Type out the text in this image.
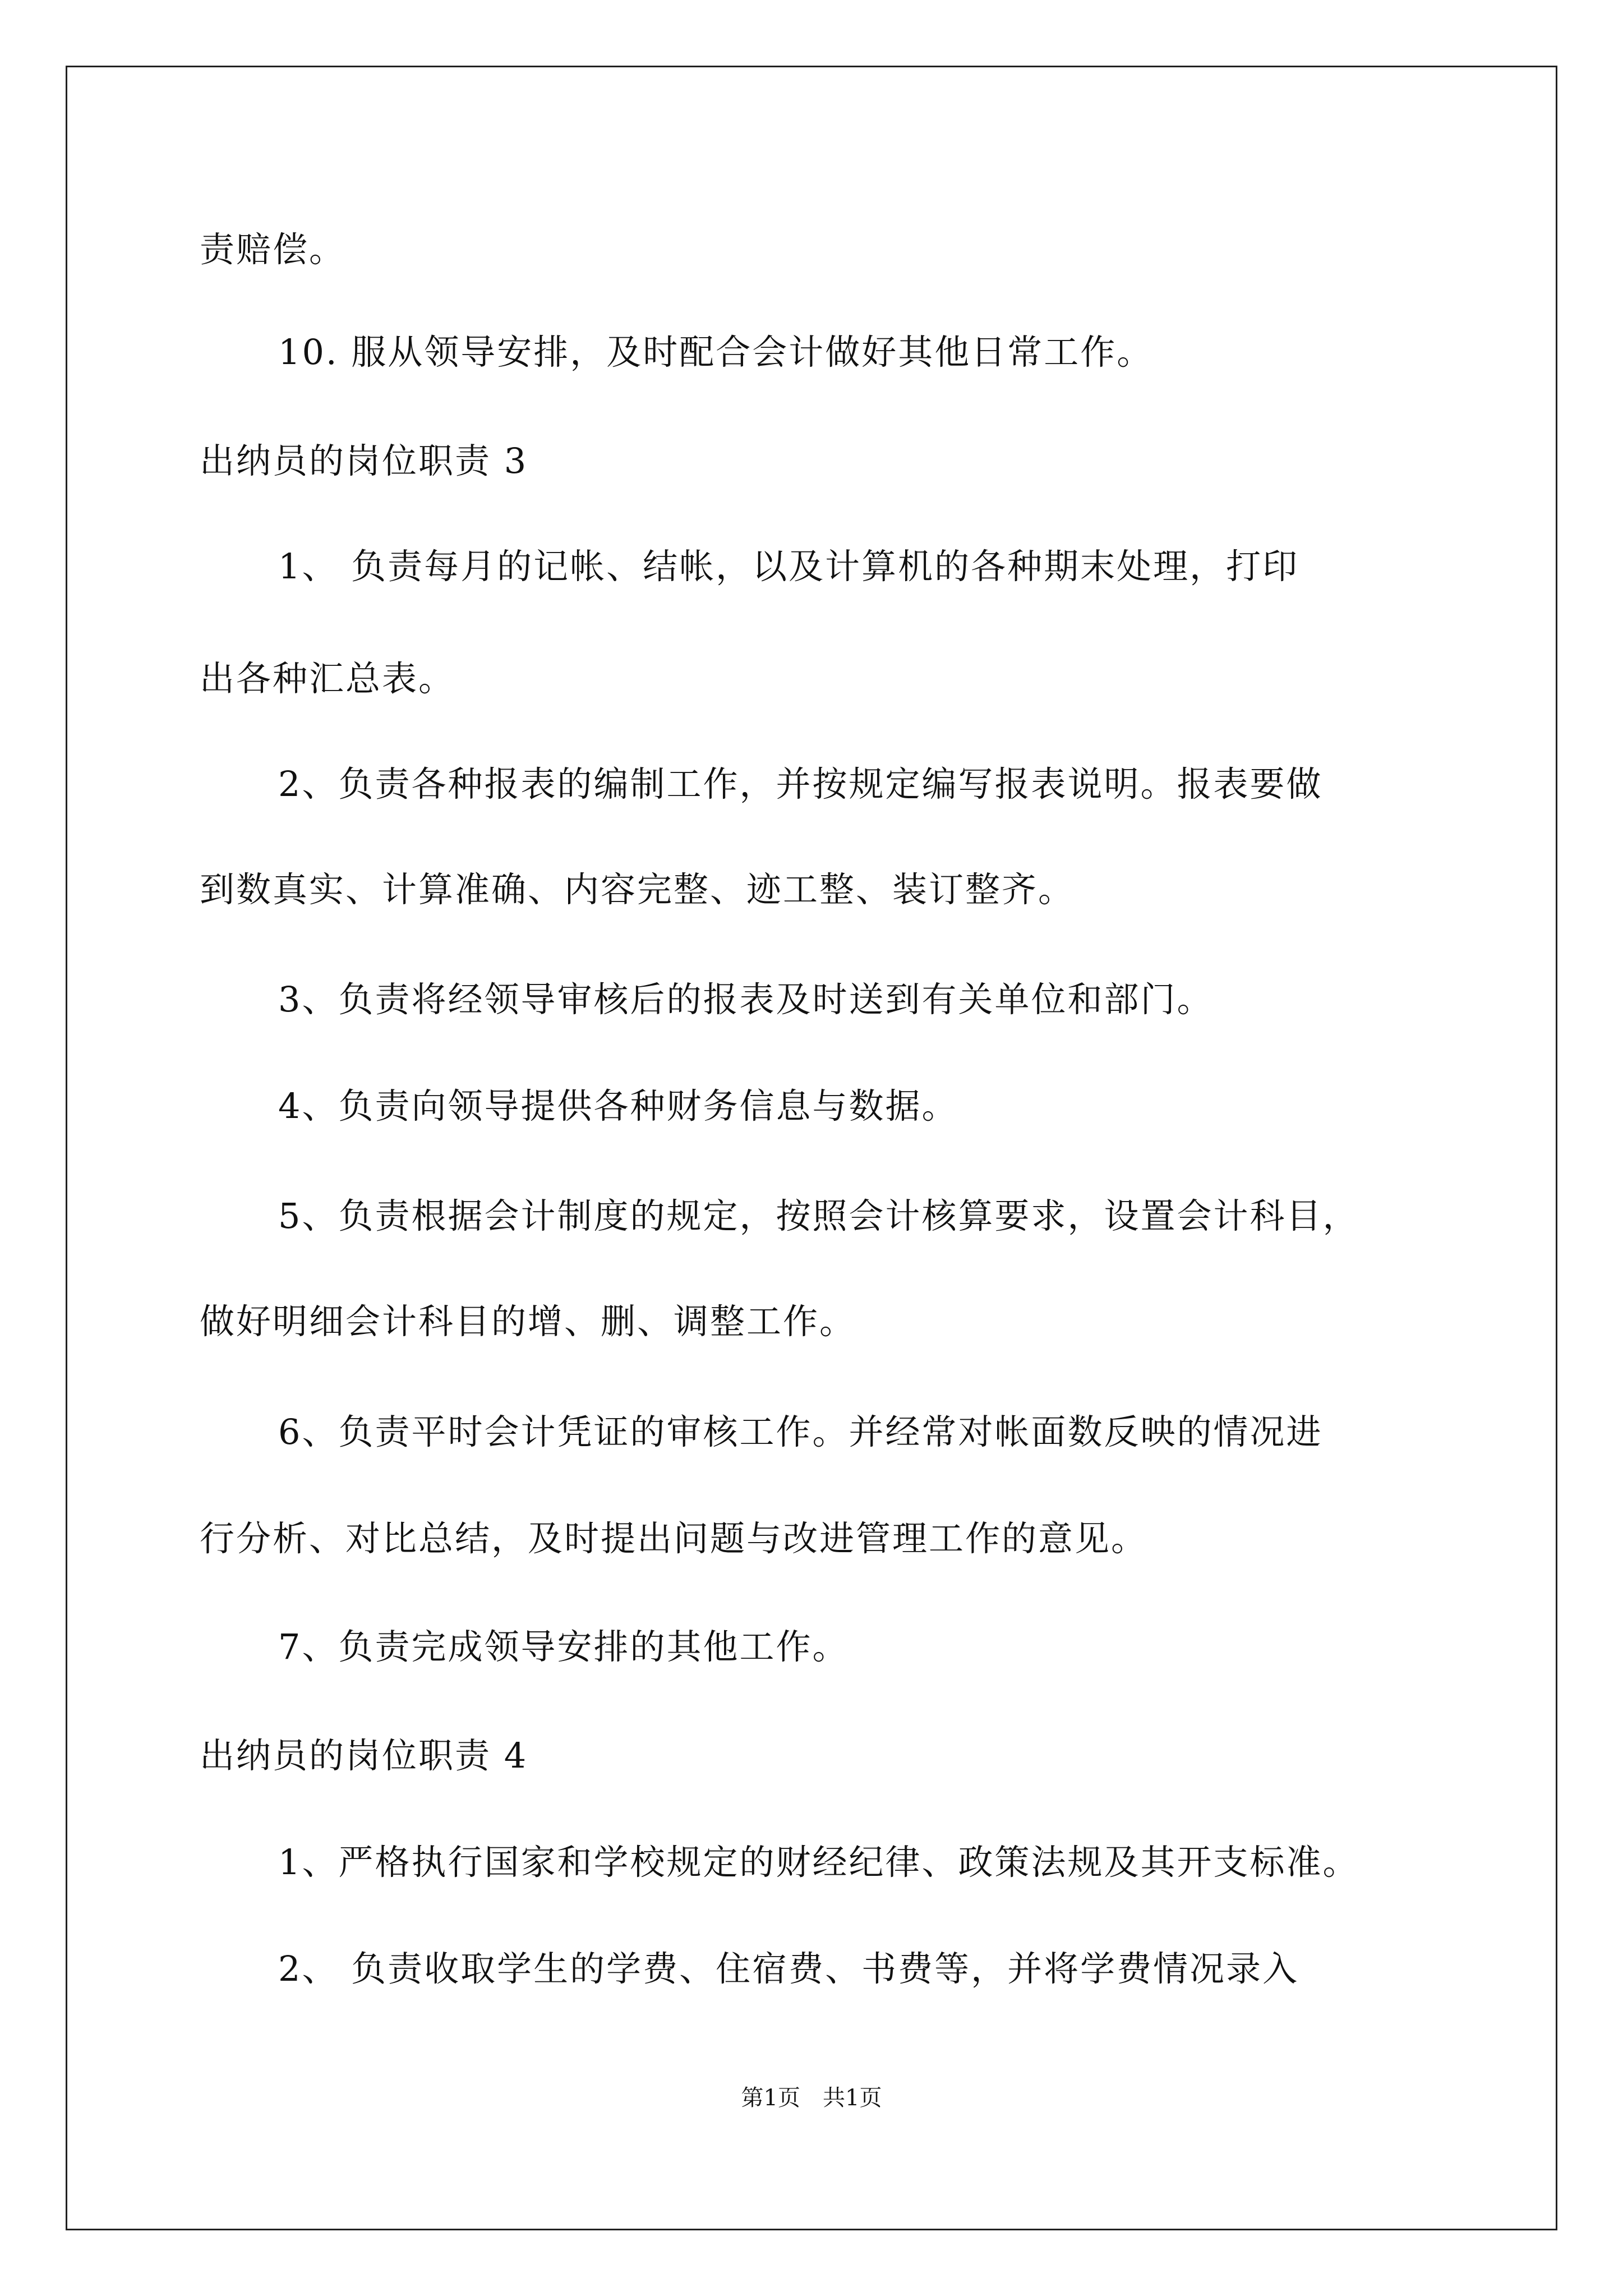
责赔偿。
10. 服从领导安排，及时配合会计做好其他日常工作。
出纳员的岗位职责 3
1、 负责每月的记帐、结帐，以及计算机的各种期末处理，打印
出各种汇总表。
2、负责各种报表的编制工作，并按规定编写报表说明。报表要做
到数真实、计算准确、内容完整、迹工整、装订整齐。
3、负责将经领导审核后的报表及时送到有关单位和部门。
4、负责向领导提供各种财务信息与数据。
5、负责根据会计制度的规定，按照会计核算要求，设置会计科目，
做好明细会计科目的增、删、调整工作。
6、负责平时会计凭证的审核工作。并经常对帐面数反映的情况进
行分析、对比总结，及时提出问题与改进管理工作的意见。
7、负责完成领导安排的其他工作。
出纳员的岗位职责 4
1、严格执行国家和学校规定的财经纪律、政策法规及其开支标准。
2、 负责收取学生的学费、住宿费、书费等，并将学费情况录入
第1页　共1页
